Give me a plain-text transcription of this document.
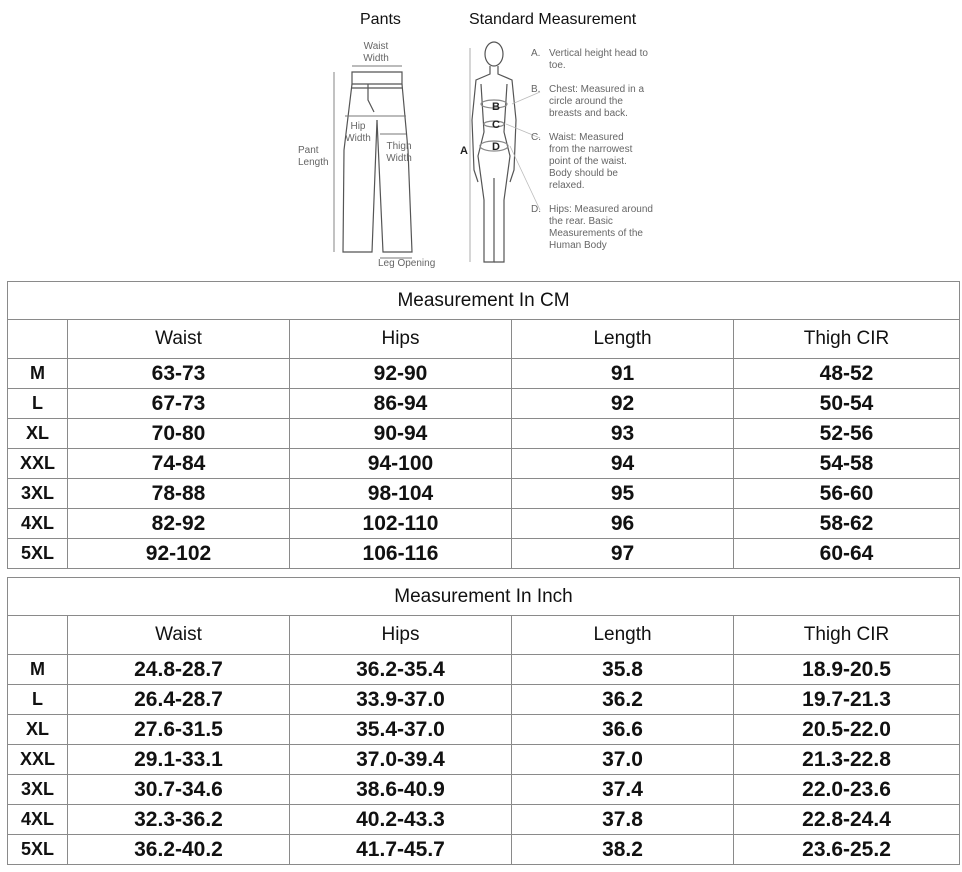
Pants	Standard Measurement
Waist Width
Hip Width
Pant Length
Thigh Width
Leg Opening
A
B
C
D
A. Vertical height head to toe.
B. Chest: Measured in a circle around the breasts and back.
C. Waist: Measured from the narrowest point of the waist. Body should be relaxed.
D. Hips: Measured around the rear. Basic Measurements of the Human Body
Measurement In CM				
	Waist	Hips	Length	Thigh CIR
M	63-73	92-90	91	48-52
L	67-73	86-94	92	50-54
XL	70-80	90-94	93	52-56
XXL	74-84	94-100	94	54-58
3XL	78-88	98-104	95	56-60
4XL	82-92	102-110	96	58-62
5XL	92-102	106-116	97	60-64
Measurement In Inch				
	Waist	Hips	Length	Thigh CIR
M	24.8-28.7	36.2-35.4	35.8	18.9-20.5
L	26.4-28.7	33.9-37.0	36.2	19.7-21.3
XL	27.6-31.5	35.4-37.0	36.6	20.5-22.0
XXL	29.1-33.1	37.0-39.4	37.0	21.3-22.8
3XL	30.7-34.6	38.6-40.9	37.4	22.0-23.6
4XL	32.3-36.2	40.2-43.3	37.8	22.8-24.4
5XL	36.2-40.2	41.7-45.7	38.2	23.6-25.2
